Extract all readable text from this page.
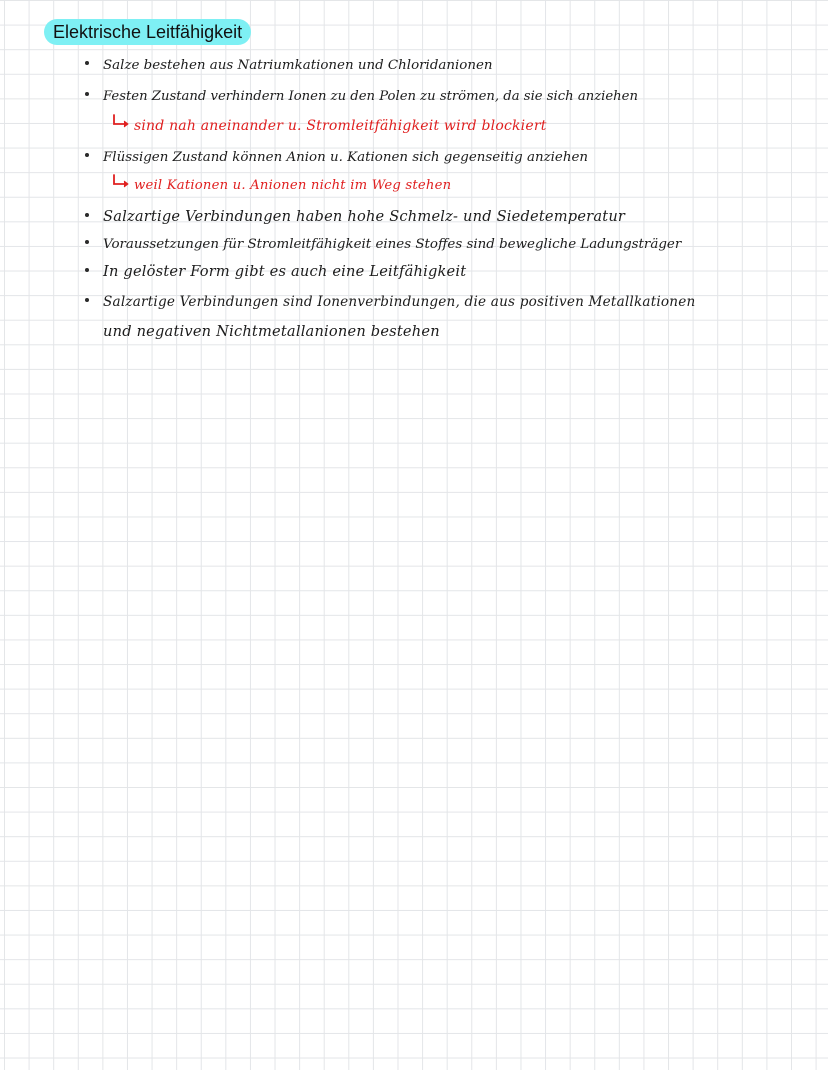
Elektrische Leitfähigkeit
Salze bestehen aus Natriumkationen und Chloridanionen
Festen Zustand verhindern Ionen zu den Polen zu strömen, da sie sich anziehen
sind nah aneinander u. Stromleitfähigkeit wird blockiert
Flüssigen Zustand können Anion u. Kationen sich gegenseitig anziehen
weil Kationen u. Anionen nicht im Weg stehen
Salzartige Verbindungen haben hohe Schmelz- und Siedetemperatur
Voraussetzungen für Stromleitfähigkeit eines Stoffes sind bewegliche Ladungsträger
In gelöster Form gibt es auch eine Leitfähigkeit
Salzartige Verbindungen sind Ionenverbindungen, die aus positiven Metallkationen
und negativen Nichtmetallanionen bestehen
